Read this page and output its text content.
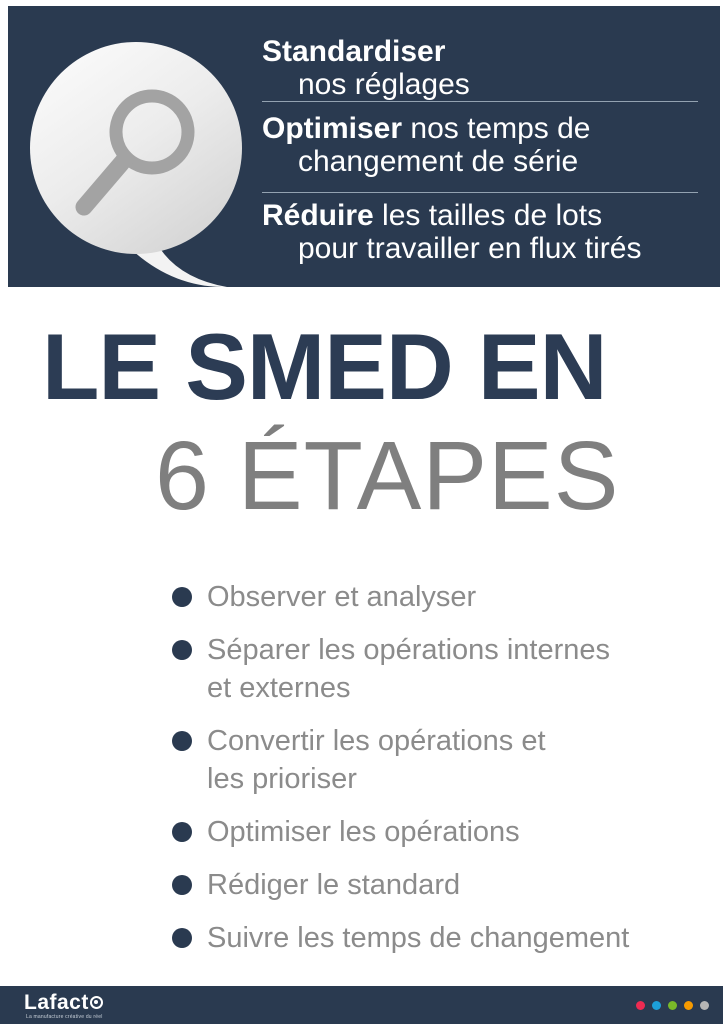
Standardiser
nos réglages
Optimiser nos temps de
changement de série
Réduire les tailles de lots
pour travailler en flux tirés
LE SMED EN
6 ÉTAPES
Observer et analyser
Séparer les opérations internes
et externes
Convertir les opérations et
les prioriser
Optimiser les opérations
Rédiger le standard
Suivre les temps de changement
Lafact
La manufacture créative du réel
